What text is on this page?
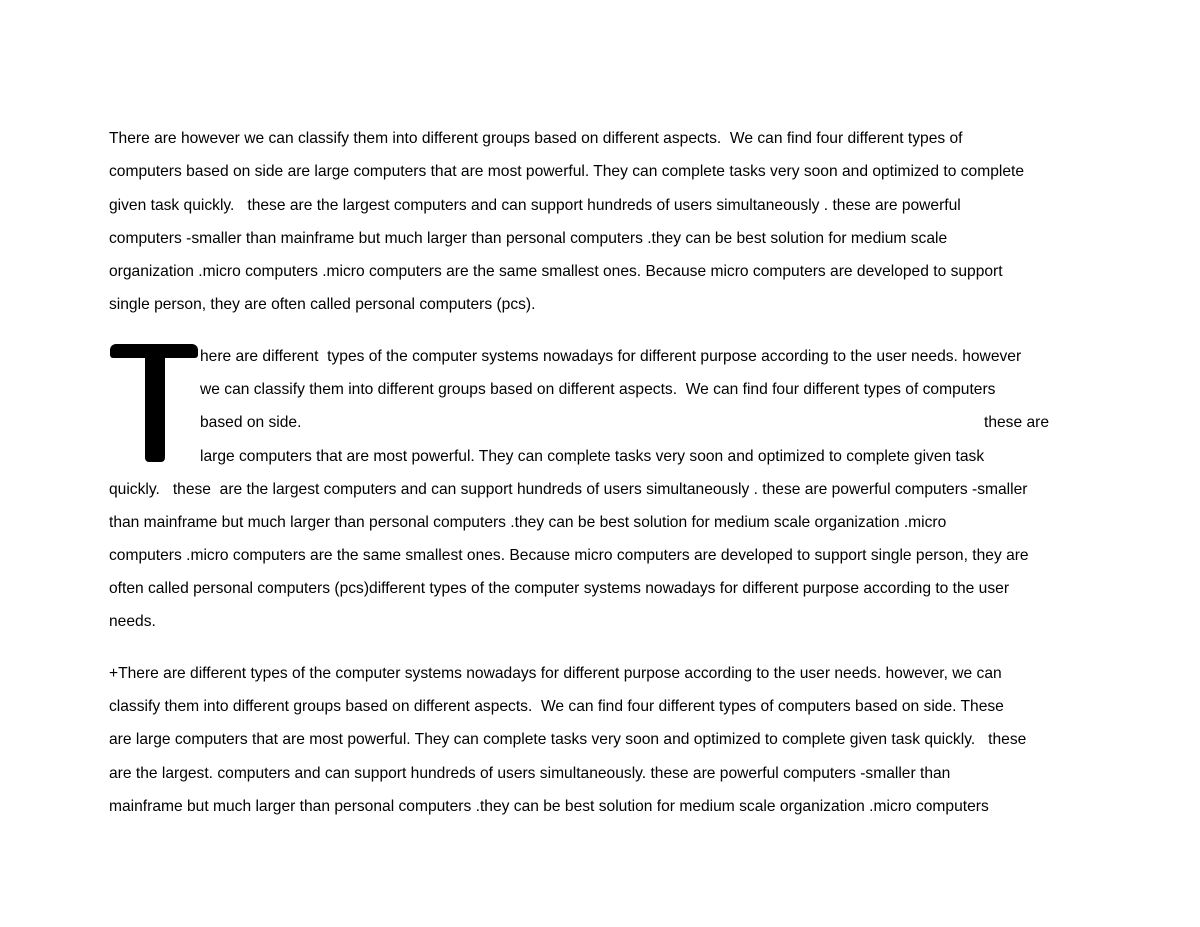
There are however we can classify them into different groups based on different aspects.  We can find four different types of
computers based on side are large computers that are most powerful. They can complete tasks very soon and optimized to complete
given task quickly.   these are the largest computers and can support hundreds of users simultaneously . these are powerful
computers -smaller than mainframe but much larger than personal computers .they can be best solution for medium scale
organization .micro computers .micro computers are the same smallest ones. Because micro computers are developed to support
single person, they are often called personal computers (pcs).
here are different  types of the computer systems nowadays for different purpose according to the user needs. however
we can classify them into different groups based on different aspects.  We can find four different types of computers
based on side.	these are
large computers that are most powerful. They can complete tasks very soon and optimized to complete given task
quickly.   these  are the largest computers and can support hundreds of users simultaneously . these are powerful computers -smaller
than mainframe but much larger than personal computers .they can be best solution for medium scale organization .micro
computers .micro computers are the same smallest ones. Because micro computers are developed to support single person, they are
often called personal computers (pcs)different types of the computer systems nowadays for different purpose according to the user
needs.
+There are different types of the computer systems nowadays for different purpose according to the user needs. however, we can
classify them into different groups based on different aspects.  We can find four different types of computers based on side. These
are large computers that are most powerful. They can complete tasks very soon and optimized to complete given task quickly.   these
are the largest. computers and can support hundreds of users simultaneously. these are powerful computers -smaller than
mainframe but much larger than personal computers .they can be best solution for medium scale organization .micro computers
